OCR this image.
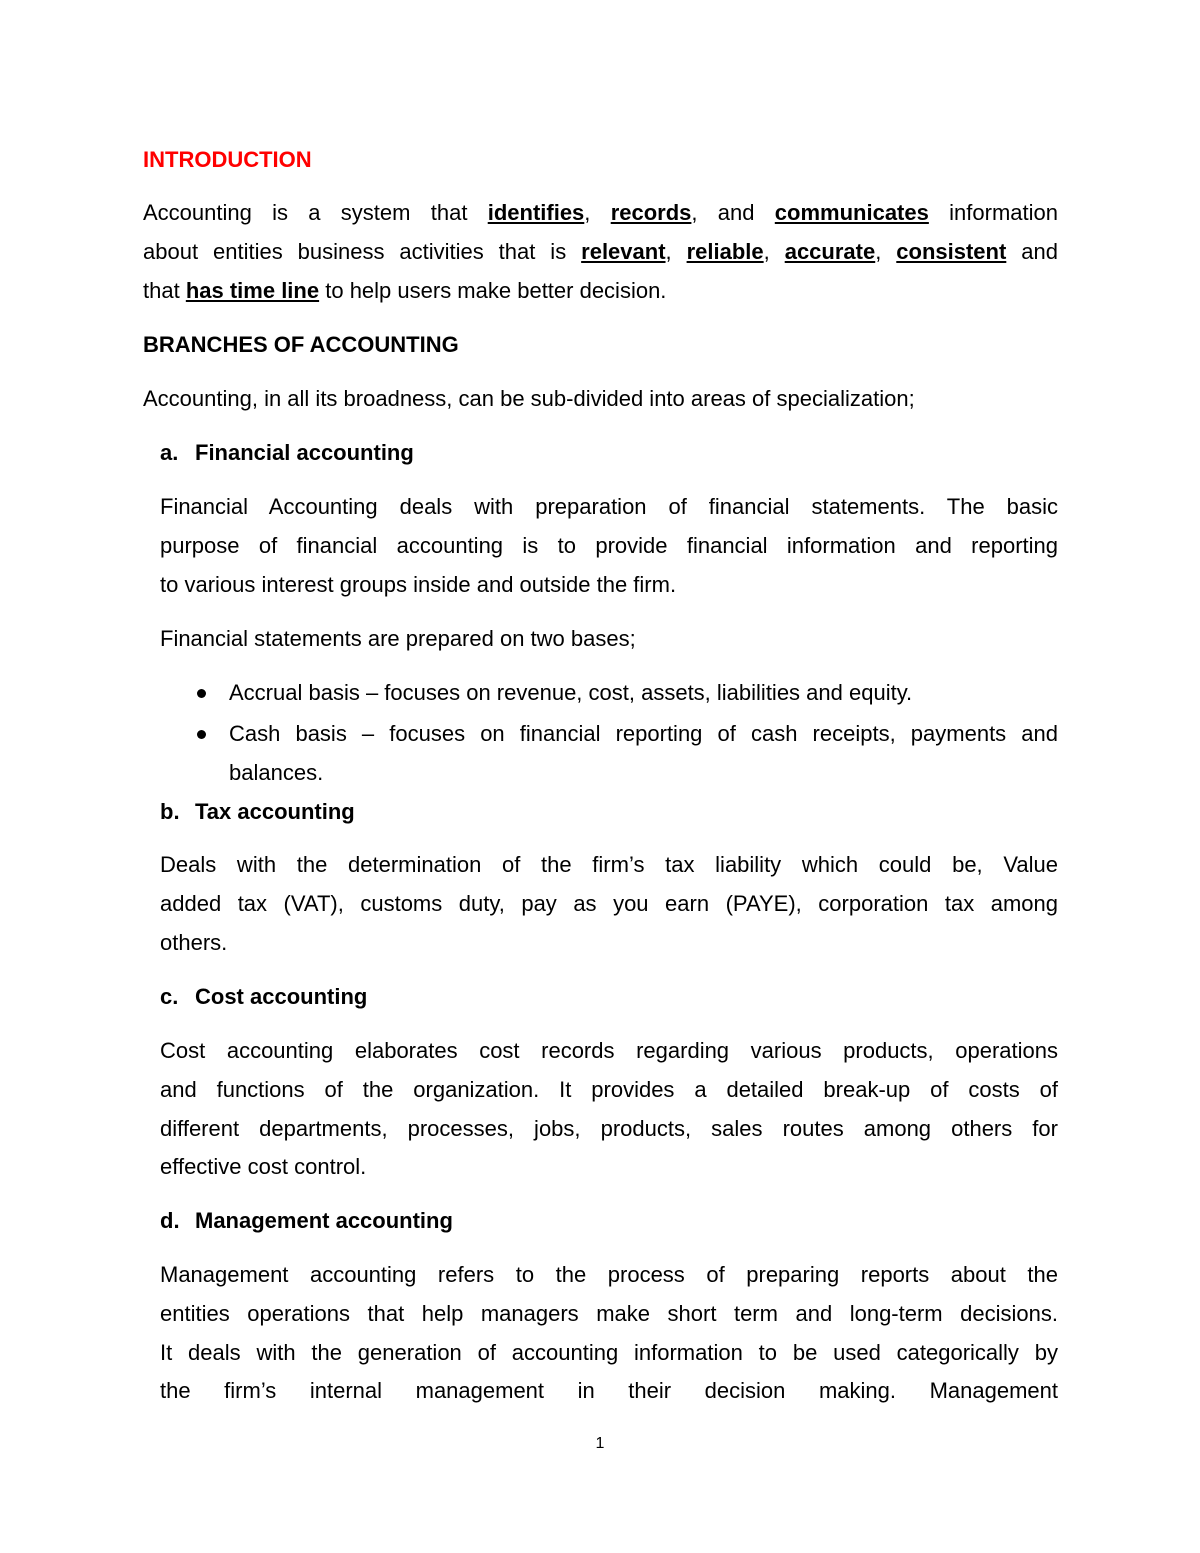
INTRODUCTION

Accounting is a system that identifies, records, and communicates information

about entities business activities that is relevant, reliable, accurate, consistent and

that has time line to help users make better decision.

BRANCHES OF ACCOUNTING

Accounting, in all its broadness, can be sub-divided into areas of specialization;

a. Financial accounting

Financial Accounting deals with preparation of financial statements. The basic

purpose of financial accounting is to provide financial information and reporting

to various interest groups inside and outside the firm.

Financial statements are prepared on two bases;

Accrual basis – focuses on revenue, cost, assets, liabilities and equity.

Cash basis – focuses on financial reporting of cash receipts, payments and

balances.

b. Tax accounting

Deals with the determination of the firm’s tax liability which could be, Value

added tax (VAT), customs duty, pay as you earn (PAYE), corporation tax among

others.

c. Cost accounting

Cost accounting elaborates cost records regarding various products, operations

and functions of the organization. It provides a detailed break-up of costs of

different departments, processes, jobs, products, sales routes among others for

effective cost control.

d. Management accounting

Management accounting refers to the process of preparing reports about the

entities operations that help managers make short term and long-term decisions.

It deals with the generation of accounting information to be used categorically by

the firm’s internal management in their decision making. Management

1
